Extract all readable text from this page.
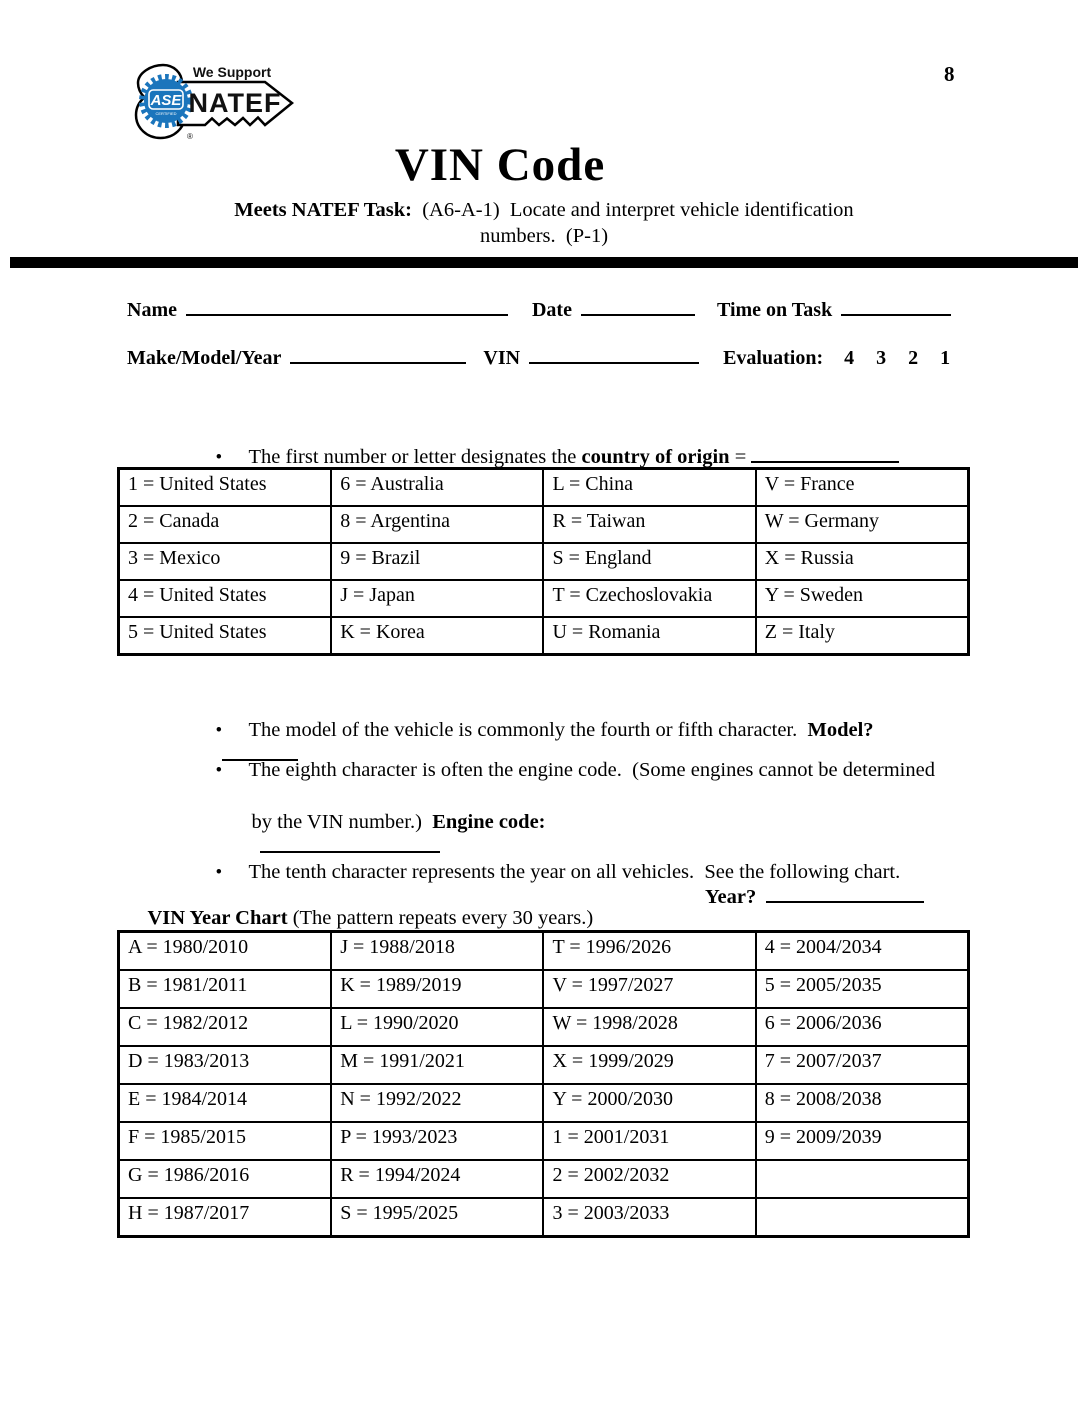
ASE
CERTIFIED
We Support
NATEF
®
8
VIN Code
Meets NATEF Task:  (A6-A-1)  Locate and interpret vehicle identification
numbers.  (P-1)
Name	Date	Time on Task
Make/Model/Year	VIN	Evaluation: 4 3 2 1

• The first number or letter designates the country of origin =

1 = United States	6 = Australia	L = China	V = France
2 = Canada	8 = Argentina	R = Taiwan	W = Germany
3 = Mexico	9 = Brazil	S = England	X = Russia
4 = United States	J = Japan	T = Czechoslovakia	Y = Sweden
5 = United States	K = Korea	U = Romania	Z = Italy

• The model of the vehicle is commonly the fourth or fifth character.  Model?

• The eighth character is often the engine code.  (Some engines cannot be determined

by the VIN number.)  Engine code:

• The tenth character represents the year on all vehicles.  See the following chart.

VIN Year Chart (The pattern repeats every 30 years.)

Year?
A = 1980/2010	J = 1988/2018	T = 1996/2026	4 = 2004/2034
B = 1981/2011	K = 1989/2019	V = 1997/2027	5 = 2005/2035
C = 1982/2012	L = 1990/2020	W = 1998/2028	6 = 2006/2036
D = 1983/2013	M = 1991/2021	X = 1999/2029	7 = 2007/2037
E = 1984/2014	N = 1992/2022	Y = 2000/2030	8 = 2008/2038
F = 1985/2015	P = 1993/2023	1 = 2001/2031	9 = 2009/2039
G = 1986/2016	R = 1994/2024	2 = 2002/2032	
H = 1987/2017	S = 1995/2025	3 = 2003/2033	
